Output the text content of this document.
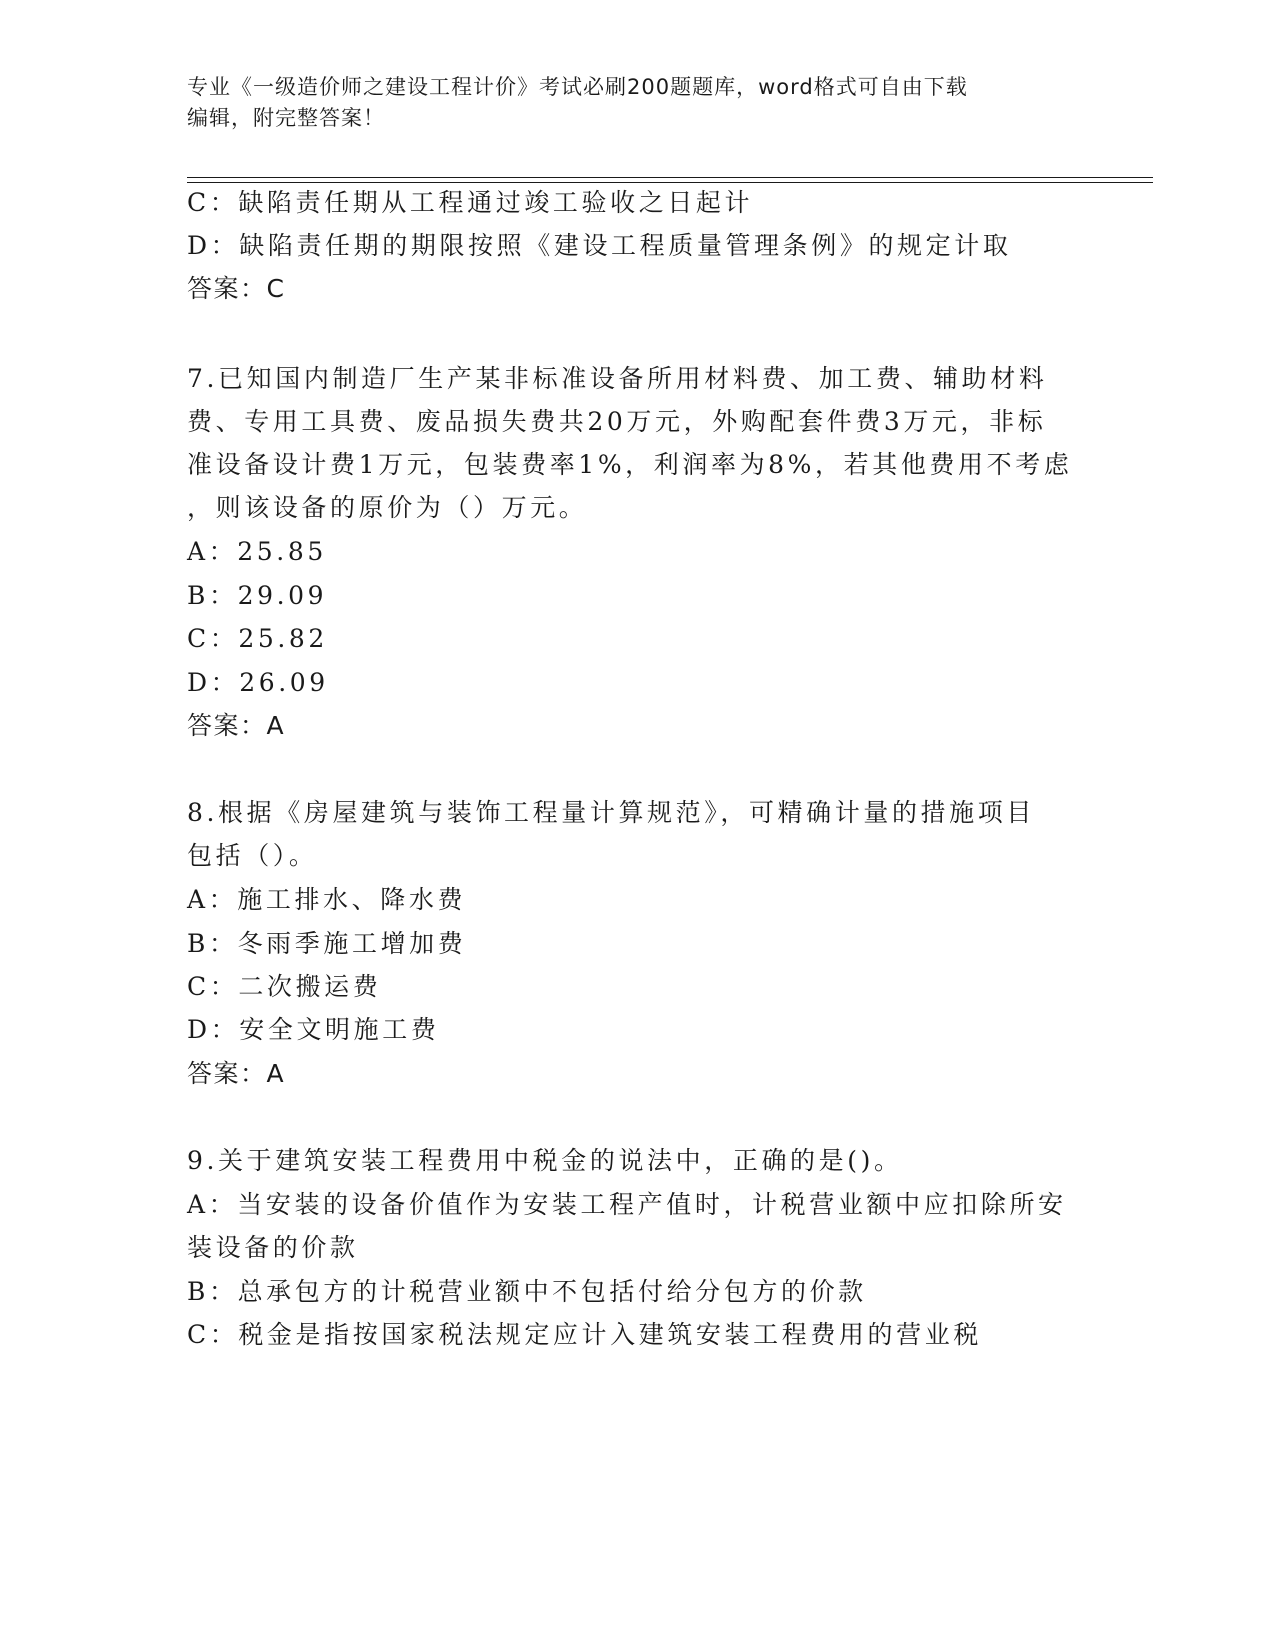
专业《一级造价师之建设工程计价》考试必刷200题题库，word格式可自由下载
编辑，附完整答案！
C：缺陷责任期从工程通过竣工验收之日起计
D：缺陷责任期的期限按照《建设工程质量管理条例》的规定计取
答案：C
7.已知国内制造厂生产某非标准设备所用材料费、加工费、辅助材料
费、专用工具费、废品损失费共20万元，外购配套件费3万元，非标
准设备设计费1万元，包装费率1%，利润率为8%，若其他费用不考虑
，则该设备的原价为（）万元。
A：25.85
B：29.09
C：25.82
D：26.09
答案：A
8.根据《房屋建筑与装饰工程量计算规范》，可精确计量的措施项目
包括（）。
A：施工排水、降水费
B：冬雨季施工增加费
C：二次搬运费
D：安全文明施工费
答案：A
9.关于建筑安装工程费用中税金的说法中，正确的是()。
A：当安装的设备价值作为安装工程产值时，计税营业额中应扣除所安
装设备的价款
B：总承包方的计税营业额中不包括付给分包方的价款
C：税金是指按国家税法规定应计入建筑安装工程费用的营业税
